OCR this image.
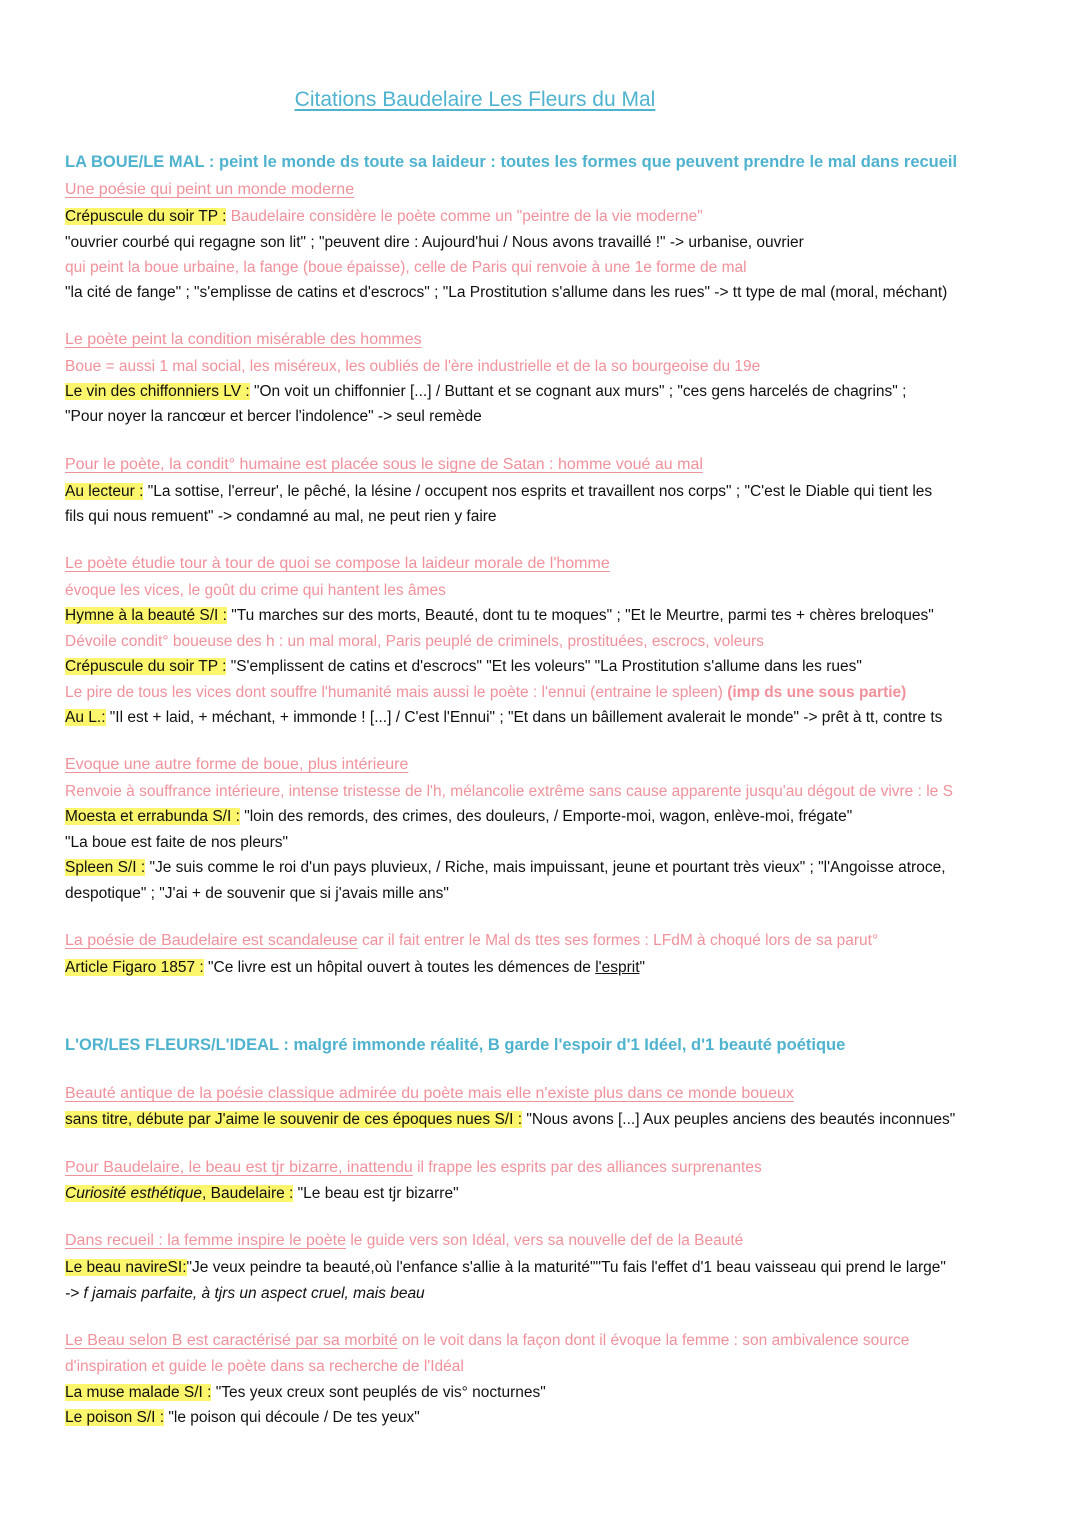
Citations Baudelaire Les Fleurs du Mal
LA BOUE/LE MAL : peint le monde ds toute sa laideur : toutes les formes que peuvent prendre le mal dans recueil
Une poésie qui peint un monde moderne
Crépuscule du soir TP : Baudelaire considère le poète comme un "peintre de la vie moderne"
"ouvrier courbé qui regagne son lit" ; "peuvent dire : Aujourd'hui / Nous avons travaillé !" -> urbanise, ouvrier
qui peint la boue urbaine, la fange (boue épaisse), celle de Paris qui renvoie à une 1e forme de mal
"la cité de fange" ; "s'emplisse de catins et d'escrocs" ; "La Prostitution s'allume dans les rues" -> tt type de mal (moral, méchant)
Le poète peint la condition misérable des hommes
Boue = aussi 1 mal social, les miséreux, les oubliés de l'ère industrielle et de la so bourgeoise du 19e
Le vin des chiffonniers LV : "On voit un chiffonnier [...] / Buttant et se cognant aux murs" ; "ces gens harcelés de chagrins" ;
"Pour noyer la rancœur et bercer l'indolence" -> seul remède
Pour le poète, la condit° humaine est placée sous le signe de Satan : homme voué au mal
Au lecteur : "La sottise, l'erreur', le pêché, la lésine / occupent nos esprits et travaillent nos corps" ; "C'est le Diable qui tient les
fils qui nous remuent" -> condamné au mal, ne peut rien y faire
Le poète étudie tour à tour de quoi se compose la laideur morale de l'homme
évoque les vices, le goût du crime qui hantent les âmes
Hymne à la beauté S/I : "Tu marches sur des morts, Beauté, dont tu te moques" ; "Et le Meurtre, parmi tes + chères breloques"
Dévoile condit° boueuse des h : un mal moral, Paris peuplé de criminels, prostituées, escrocs, voleurs
Crépuscule du soir TP : "S'emplissent de catins et d'escrocs" "Et les voleurs" "La Prostitution s'allume dans les rues"
Le pire de tous les vices dont souffre l'humanité mais aussi le poète : l'ennui (entraine le spleen) (imp ds une sous partie)
Au L.: "Il est + laid, + méchant, + immonde ! [...] / C'est l'Ennui" ; "Et dans un bâillement avalerait le monde" -> prêt à tt, contre ts
Evoque une autre forme de boue, plus intérieure
Renvoie à souffrance intérieure, intense tristesse de l'h, mélancolie extrême sans cause apparente jusqu'au dégout de vivre : le S
Moesta et errabunda S/I : "loin des remords, des crimes, des douleurs, / Emporte-moi, wagon, enlève-moi, frégate"
"La boue est faite de nos pleurs"
Spleen S/I : "Je suis comme le roi d'un pays pluvieux, / Riche, mais impuissant, jeune et pourtant très vieux" ; "l'Angoisse atroce,
despotique" ; "J'ai + de souvenir que si j'avais mille ans"
La poésie de Baudelaire est scandaleuse car il fait entrer le Mal ds ttes ses formes : LFdM à choqué lors de sa parut°
Article Figaro 1857 : "Ce livre est un hôpital ouvert à toutes les démences de l'esprit"
L'OR/LES FLEURS/L'IDEAL : malgré immonde réalité, B garde l'espoir d'1 Idéel, d'1 beauté poétique
Beauté antique de la poésie classique admirée du poète mais elle n'existe plus dans ce monde boueux
sans titre, débute par J'aime le souvenir de ces époques nues S/I : "Nous avons [...] Aux peuples anciens des beautés inconnues"
Pour Baudelaire, le beau est tjr bizarre, inattendu il frappe les esprits par des alliances surprenantes
Curiosité esthétique, Baudelaire : "Le beau est tjr bizarre"
Dans recueil : la femme inspire le poète le guide vers son Idéal, vers sa nouvelle def de la Beauté
Le beau navireSI:"Je veux peindre ta beauté,où l'enfance s'allie à la maturité""Tu fais l'effet d'1 beau vaisseau qui prend le large"
-> f jamais parfaite, à tjrs un aspect cruel, mais beau
Le Beau selon B est caractérisé par sa morbité on le voit dans la façon dont il évoque la femme : son ambivalence source
d'inspiration et guide le poète dans sa recherche de l'Idéal
La muse malade S/I : "Tes yeux creux sont peuplés de vis° nocturnes"
Le poison S/I : "le poison qui découle / De tes yeux"
